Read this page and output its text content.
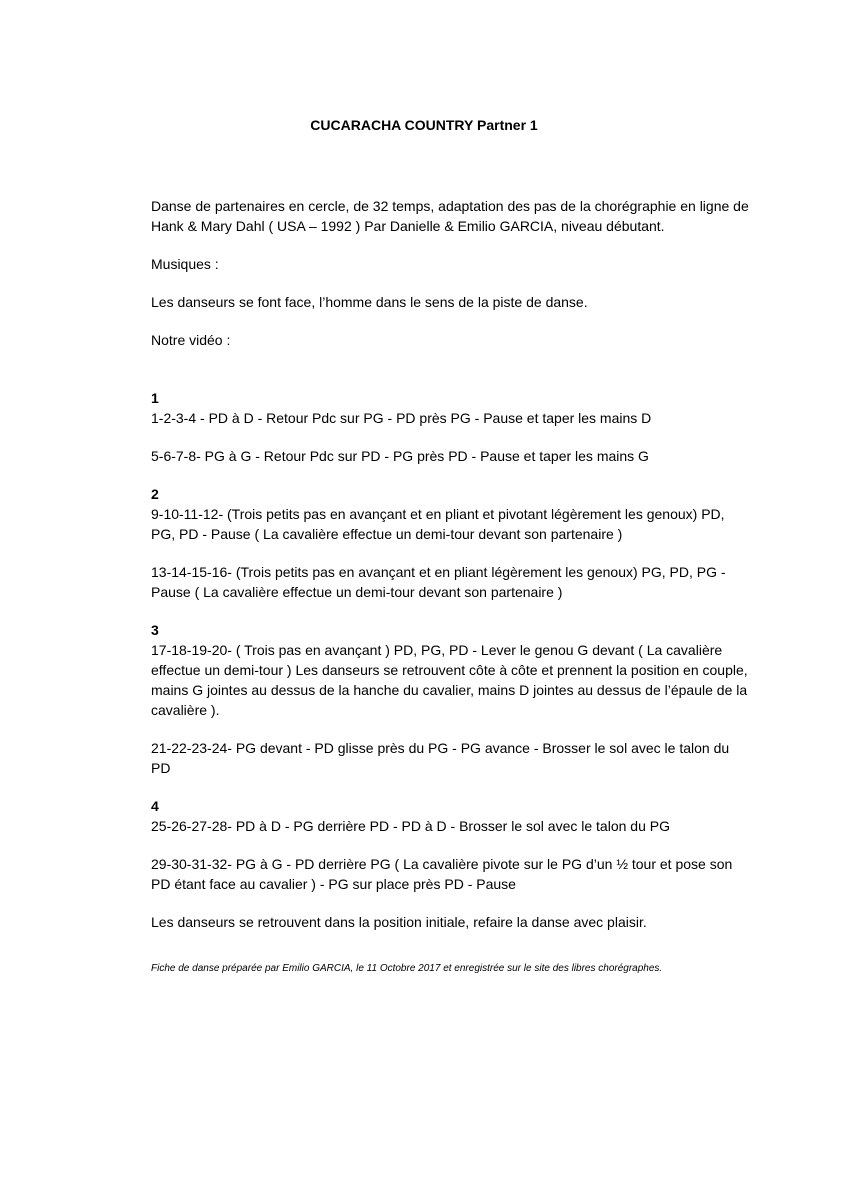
CUCARACHA COUNTRY Partner 1

Danse de partenaires en cercle, de 32 temps, adaptation des pas de la chorégraphie en ligne de Hank & Mary Dahl ( USA – 1992 ) Par Danielle & Emilio GARCIA, niveau débutant.

Musiques :

Les danseurs se font face, l’homme dans le sens de la piste de danse.

Notre vidéo :

1

1-2-3-4 - PD à D - Retour Pdc sur PG - PD près PG - Pause et taper les mains D

5-6-7-8- PG à G - Retour Pdc sur PD - PG près PD - Pause et taper les mains G

2

9-10-11-12- (Trois petits pas en avançant et en pliant et pivotant légèrement les genoux) PD, PG, PD - Pause ( La cavalière effectue un demi-tour devant son partenaire )

13-14-15-16- (Trois petits pas en avançant et en pliant légèrement les genoux) PG, PD, PG - Pause ( La cavalière effectue un demi-tour devant son partenaire )

3

17-18-19-20- ( Trois pas en avançant ) PD, PG, PD - Lever le genou G devant ( La cavalière effectue un demi-tour ) Les danseurs se retrouvent côte à côte et prennent la position en couple, mains G jointes au dessus de la hanche du cavalier, mains D jointes au dessus de l’épaule de la cavalière ).

21-22-23-24- PG devant - PD glisse près du PG - PG avance - Brosser le sol avec le talon du PD

4

25-26-27-28- PD à D - PG derrière PD - PD à D - Brosser le sol avec le talon du PG

29-30-31-32- PG à G - PD derrière PG ( La cavalière pivote sur le PG d’un ½ tour et pose son PD étant face au cavalier ) - PG sur place près PD - Pause

Les danseurs se retrouvent dans la position initiale, refaire la danse avec plaisir.

Fiche de danse préparée par Emilio GARCIA, le 11 Octobre 2017 et enregistrée sur le site des libres chorégraphes.
